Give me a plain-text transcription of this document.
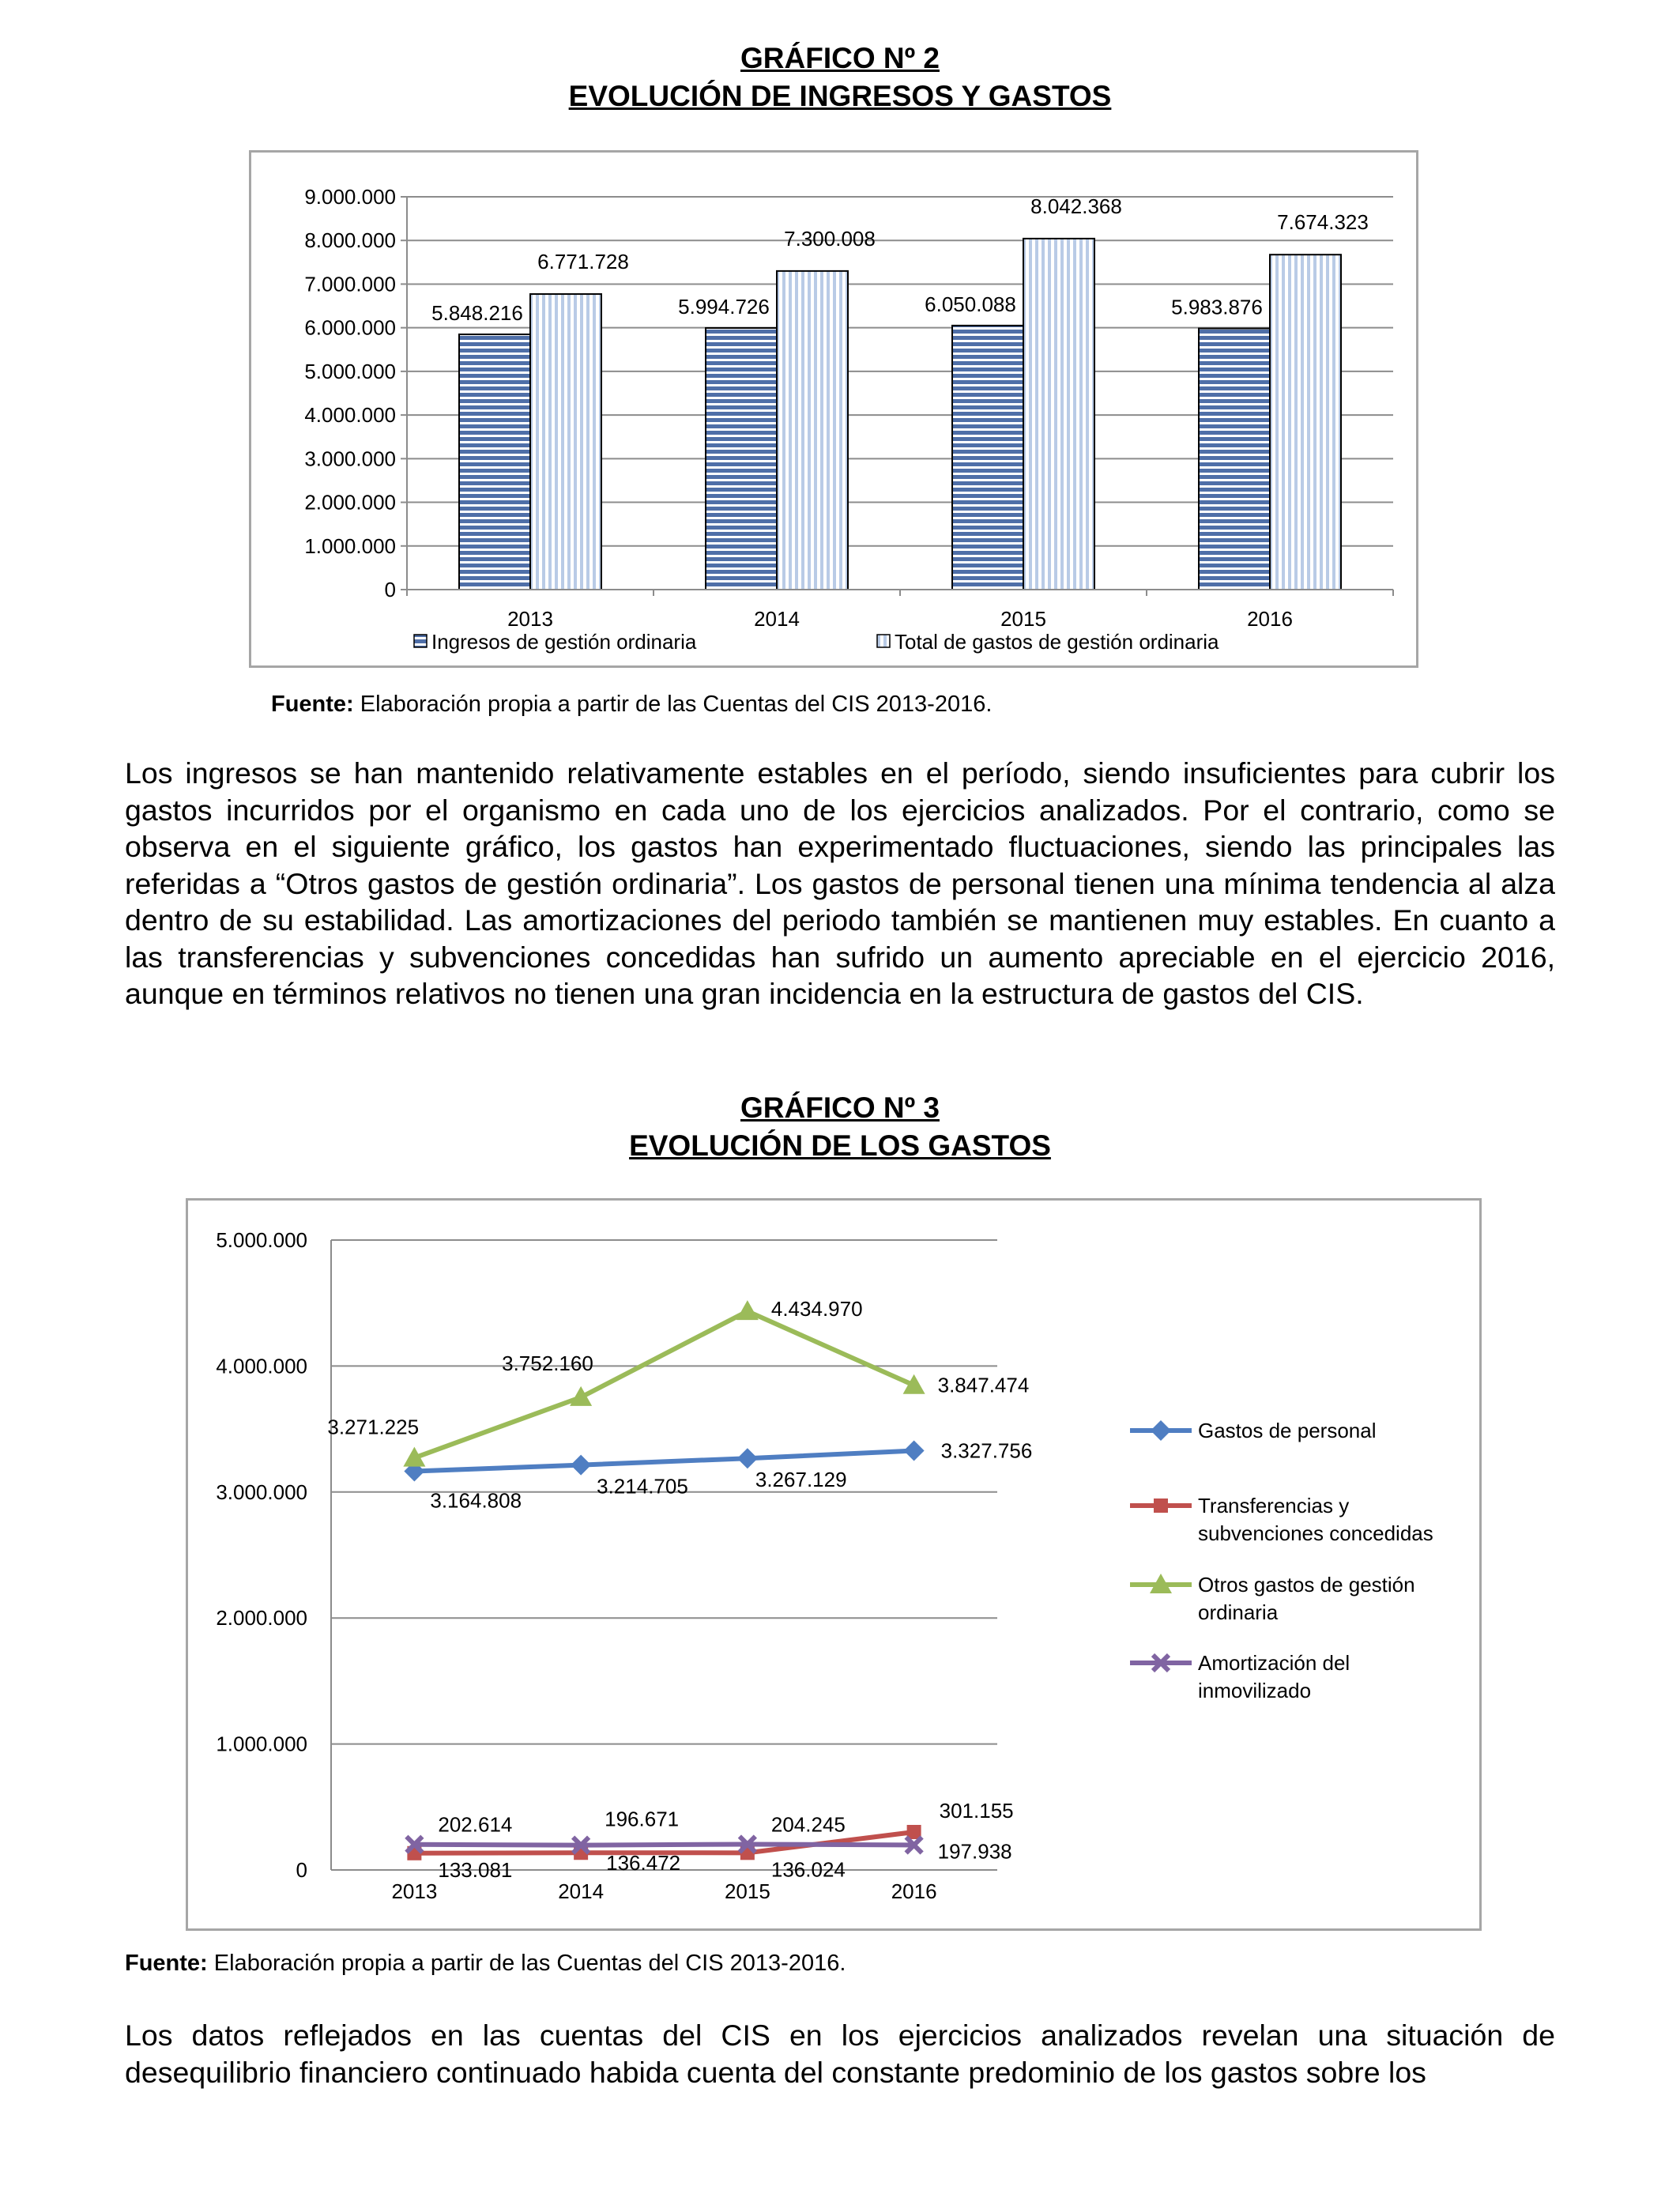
GRÁFICO Nº 2
EVOLUCIÓN DE INGRESOS Y GASTOS
0
1.000.000
2.000.000
3.000.000
4.000.000
5.000.000
6.000.000
7.000.000
8.000.000
9.000.000
2013
5.848.216
6.771.728
2014
5.994.726
7.300.008
2015
6.050.088
8.042.368
2016
5.983.876
7.674.323
Ingresos de gestión ordinaria	Total de gastos de gestión ordinaria
Fuente: Elaboración propia a partir de las Cuentas del CIS 2013-2016.

Los ingresos se han mantenido relativamente estables en el período, siendo insuficientes para cubrir los gastos incurridos por el organismo en cada uno de los ejercicios analizados. Por el contrario, como se observa en el siguiente gráfico, los gastos han experimentado fluctuaciones, siendo las principales las referidas a “Otros gastos de gestión ordinaria”. Los gastos de personal tienen una mínima tendencia al alza dentro de su estabilidad. Las amortizaciones del periodo también se mantienen muy estables. En cuanto a las transferencias y subvenciones concedidas han sufrido un aumento apreciable en el ejercicio 2016, aunque en términos relativos no tienen una gran incidencia en la estructura de gastos del CIS.

GRÁFICO Nº 3
EVOLUCIÓN DE LOS GASTOS
0
1.000.000
2.000.000
3.000.000
4.000.000
5.000.000
2013	2014	2015	2016
133.081	136.472	136.024
301.155
202.614	196.671	204.245
197.938
3.164.808
3.214.705	3.267.129
3.327.756
3.271.225
3.752.160
4.434.970
3.847.474
Gastos de personal
Transferencias y
subvenciones concedidas
Otros gastos de gestión
ordinaria
Amortización del
inmovilizado
Fuente: Elaboración propia a partir de las Cuentas del CIS 2013-2016.

Los datos reflejados en las cuentas del CIS en los ejercicios analizados revelan una situación de desequilibrio financiero continuado habida cuenta del constante predominio de los gastos sobre los
